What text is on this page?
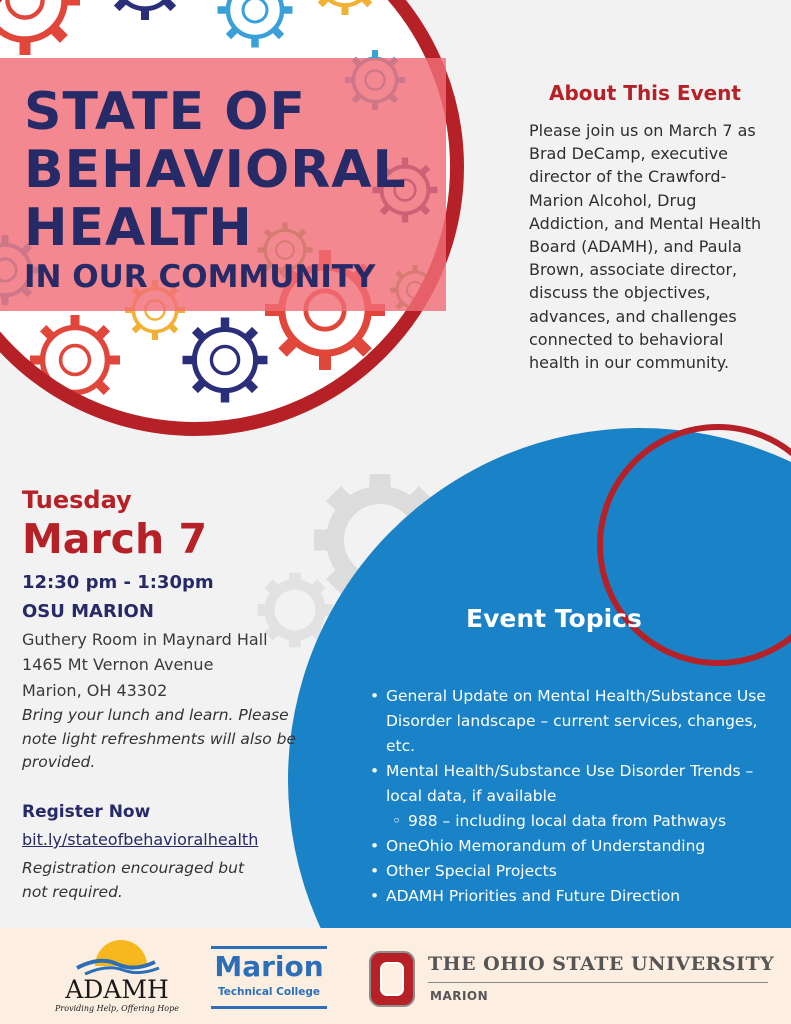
STATE OF
BEHAVIORAL
HEALTH
IN OUR COMMUNITY
About This Event
Please join us on March 7 as Brad DeCamp, executive director of the Crawford-Marion Alcohol, Drug Addiction, and Mental Health Board (ADAMH), and Paula Brown, associate director, discuss the objectives, advances, and challenges connected to behavioral health in our community.
Tuesday
March 7
12:30 pm - 1:30pm
OSU MARION
Guthery Room in Maynard Hall
1465 Mt Vernon Avenue
Marion, OH 43302
Bring your lunch and learn. Please note light refreshments will also be provided.
Register Now
bit.ly/stateofbehavioralhealth
Registration encouraged but not required.
Event Topics
• General Update on Mental Health/Substance Use Disorder landscape – current services, changes, etc.
• Mental Health/Substance Use Disorder Trends – local data, if available
◦ 988 – including local data from Pathways
• OneOhio Memorandum of Understanding
• Other Special Projects
• ADAMH Priorities and Future Direction
ADAMH
Providing Help, Offering Hope
Marion
Technical College
THE OHIO STATE UNIVERSITY
MARION
